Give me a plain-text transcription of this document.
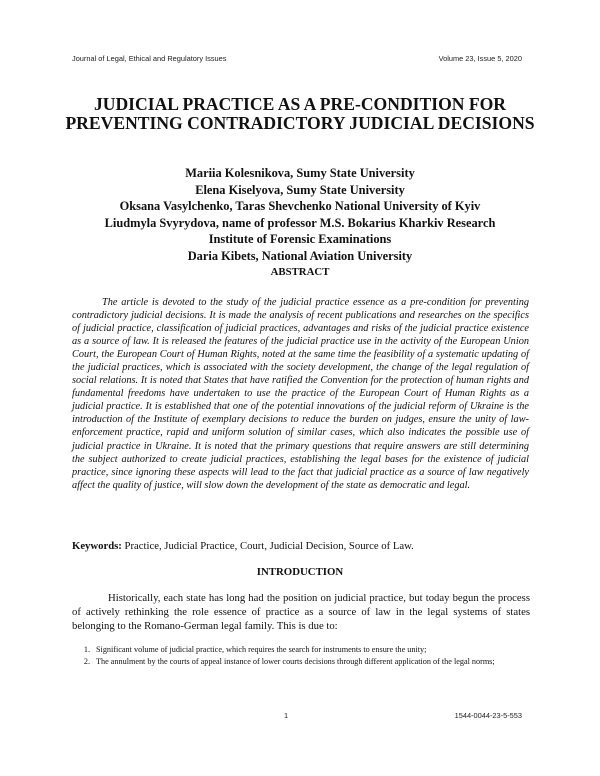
Journal of Legal, Ethical and Regulatory Issues	Volume 23, Issue 5, 2020
JUDICIAL PRACTICE AS A PRE-CONDITION FOR PREVENTING CONTRADICTORY JUDICIAL DECISIONS
Mariia Kolesnikova, Sumy State University
Elena Kiselyova, Sumy State University
Oksana Vasylchenko, Taras Shevchenko National University of Kyiv
Liudmyla Svyrydova, name of professor M.S. Bokarius Kharkiv Research
Institute of Forensic Examinations
Daria Kibets, National Aviation University
ABSTRACT

The article is devoted to the study of the judicial practice essence as a pre-condition for preventing contradictory judicial decisions. It is made the analysis of recent publications and researches on the specifics of judicial practice, classification of judicial practices, advantages and risks of the judicial practice existence as a source of law. It is released the features of the judicial practice use in the activity of the European Union Court, the European Court of Human Rights, noted at the same time the feasibility of a systematic updating of the judicial practices, which is associated with the society development, the change of the legal regulation of social relations. It is noted that States that have ratified the Convention for the protection of human rights and fundamental freedoms have undertaken to use the practice of the European Court of Human Rights as a judicial practice. It is established that one of the potential innovations of the judicial reform of Ukraine is the introduction of the Institute of exemplary decisions to reduce the burden on judges, ensure the unity of law-enforcement practice, rapid and uniform solution of similar cases, which also indicates the possible use of judicial practice in Ukraine. It is noted that the primary questions that require answers are still determining the subject authorized to create judicial practices, establishing the legal bases for the existence of judicial practice, since ignoring these aspects will lead to the fact that judicial practice as a source of law negatively affect the quality of justice, will slow down the development of the state as democratic and legal.

Keywords: Practice, Judicial Practice, Court, Judicial Decision, Source of Law.

INTRODUCTION

Historically, each state has long had the position on judicial practice, but today begun the process of actively rethinking the role essence of practice as a source of law in the legal systems of states belonging to the Romano-German legal family. This is due to:

1. Significant volume of judicial practice, which requires the search for instruments to ensure the unity;
2. The annulment by the courts of appeal instance of lower courts decisions through different application of the legal norms;
1	1544-0044-23-5-553
